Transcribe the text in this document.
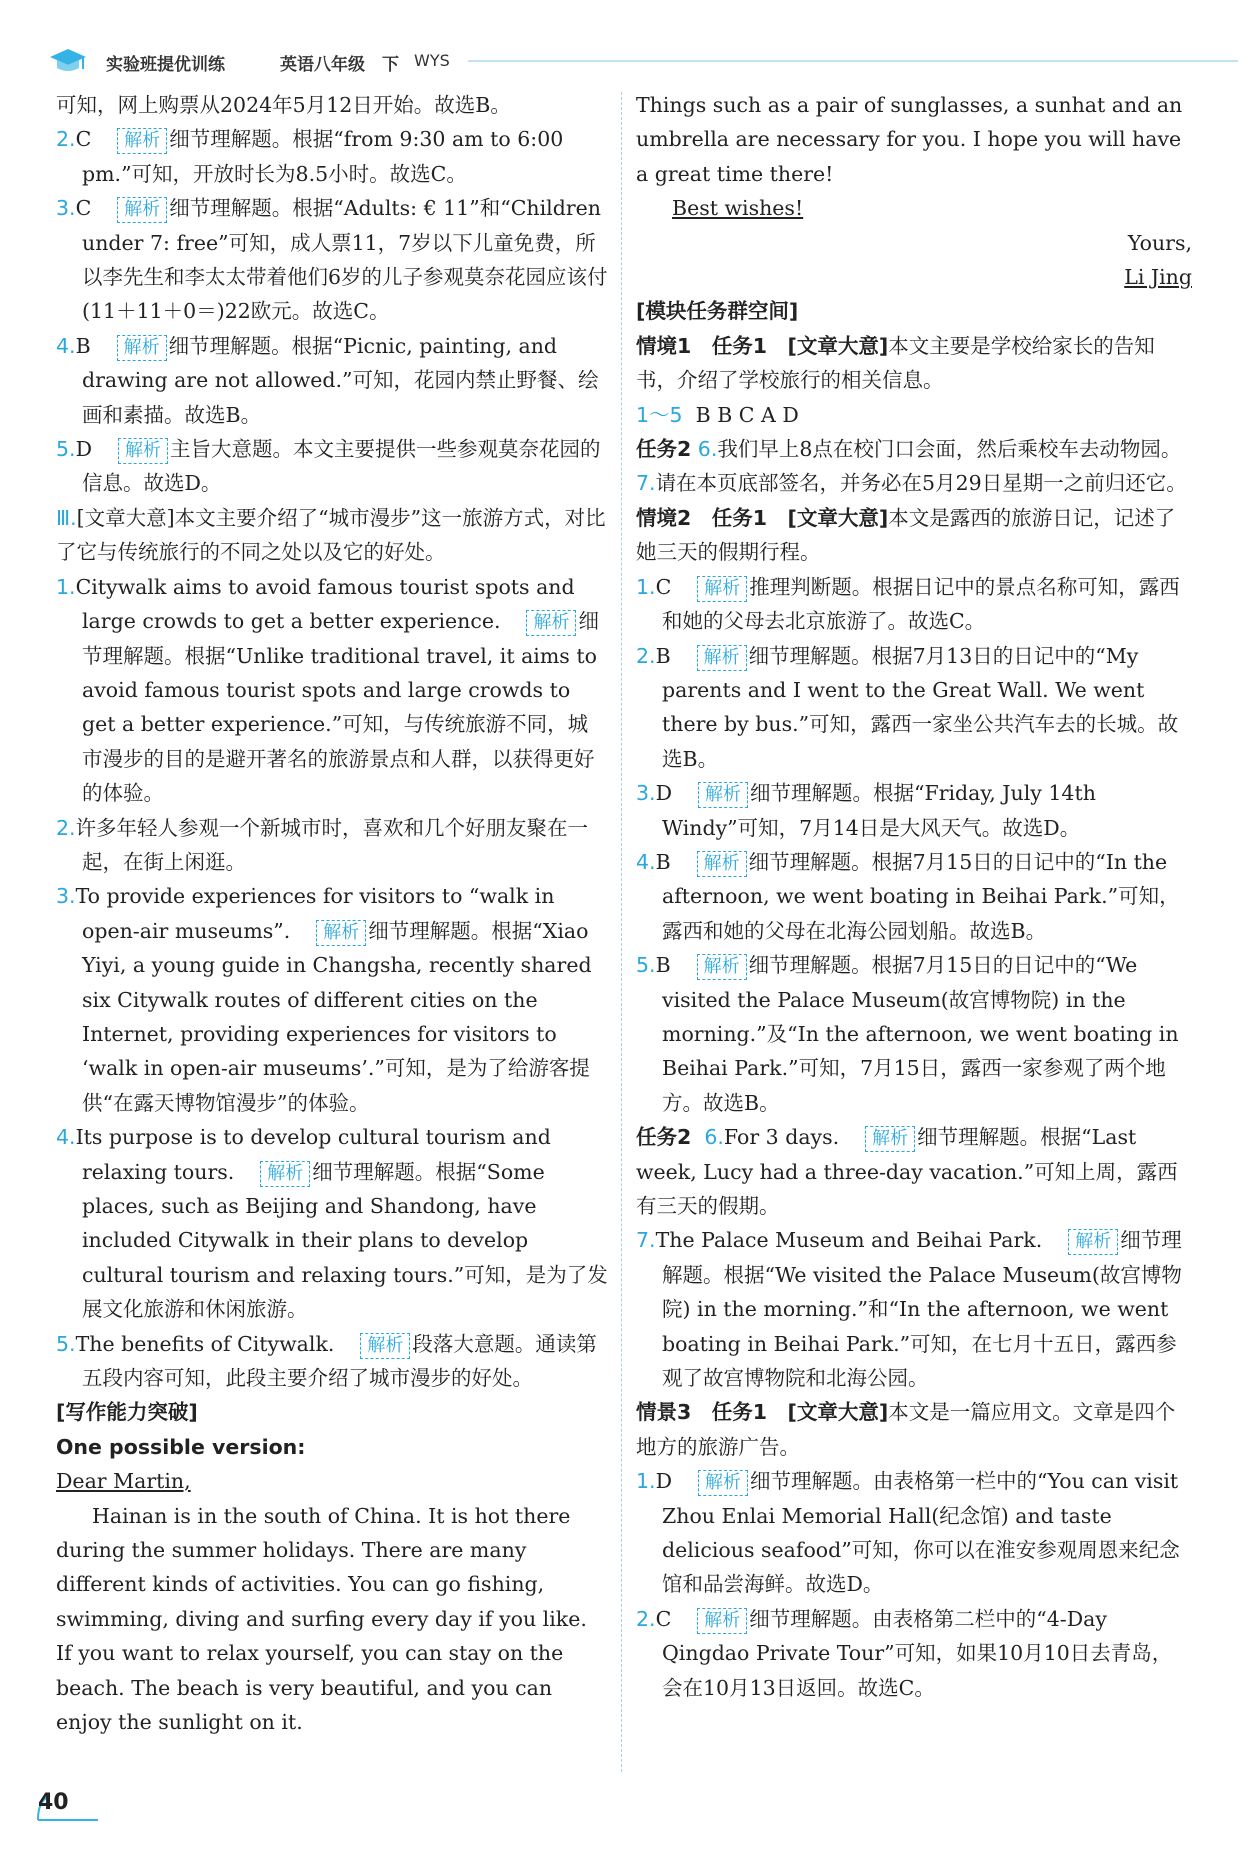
实验班提优训练	英语八年级 下 WYS

可知，网上购票从2024年5月12日开始。故选B。

2.C 解析 细节理解题。根据“from 9:30 am to 6:00 pm.”可知，开放时长为8.5小时。故选C。

3.C 解析 细节理解题。根据“Adults: € 11”和“Children under 7: free”可知，成人票11，7岁以下儿童免费，所以李先生和李太太带着他们6岁的儿子参观莫奈花园应该付(11＋11＋0＝)22欧元。故选C。

4.B 解析 细节理解题。根据“Picnic, painting, and drawing are not allowed.”可知，花园内禁止野餐、绘画和素描。故选B。

5.D 解析 主旨大意题。本文主要提供一些参观莫奈花园的信息。故选D。

Ⅲ.[文章大意]本文主要介绍了“城市漫步”这一旅游方式，对比了它与传统旅行的不同之处以及它的好处。

1.Citywalk aims to avoid famous tourist spots and large crowds to get a better experience. 解析 细节理解题。根据“Unlike traditional travel, it aims to avoid famous tourist spots and large crowds to get a better experience.”可知，与传统旅游不同，城市漫步的目的是避开著名的旅游景点和人群，以获得更好的体验。

2.许多年轻人参观一个新城市时，喜欢和几个好朋友聚在一起，在街上闲逛。

3.To provide experiences for visitors to “walk in open-air museums”. 解析 细节理解题。根据“Xiao Yiyi, a young guide in Changsha, recently shared six Citywalk routes of different cities on the Internet, providing experiences for visitors to ‘walk in open-air museums’.”可知，是为了给游客提供“在露天博物馆漫步”的体验。

4.Its purpose is to develop cultural tourism and relaxing tours. 解析 细节理解题。根据“Some places, such as Beijing and Shandong, have included Citywalk in their plans to develop cultural tourism and relaxing tours.”可知，是为了发展文化旅游和休闲旅游。

5.The benefits of Citywalk. 解析 段落大意题。通读第五段内容可知，此段主要介绍了城市漫步的好处。

[写作能力突破]

One possible version:

Dear Martin,

Hainan is in the south of China. It is hot there during the summer holidays. There are many different kinds of activities. You can go fishing, swimming, diving and surfing every day if you like. If you want to relax yourself, you can stay on the beach. The beach is very beautiful, and you can enjoy the sunlight on it.

Things such as a pair of sunglasses, a sunhat and an umbrella are necessary for you. I hope you will have a great time there!

Best wishes!

Yours,

Li Jing

[模块任务群空间]

情境1　任务1　[文章大意]本文主要是学校给家长的告知书，介绍了学校旅行的相关信息。

1～5 B B C A D

任务2 6.我们早上8点在校门口会面，然后乘校车去动物园。

7.请在本页底部签名，并务必在5月29日星期一之前归还它。

情境2　任务1　[文章大意]本文是露西的旅游日记，记述了她三天的假期行程。

1.C 解析 推理判断题。根据日记中的景点名称可知，露西和她的父母去北京旅游了。故选C。

2.B 解析 细节理解题。根据7月13日的日记中的“My parents and I went to the Great Wall. We went there by bus.”可知，露西一家坐公共汽车去的长城。故选B。

3.D 解析 细节理解题。根据“Friday, July 14th Windy”可知，7月14日是大风天气。故选D。

4.B 解析 细节理解题。根据7月15日的日记中的“In the afternoon, we went boating in Beihai Park.”可知，露西和她的父母在北海公园划船。故选B。

5.B 解析 细节理解题。根据7月15日的日记中的“We visited the Palace Museum(故宫博物院) in the morning.”及“In the afternoon, we went boating in Beihai Park.”可知，7月15日，露西一家参观了两个地方。故选B。

任务2 6.For 3 days. 解析 细节理解题。根据“Last week, Lucy had a three-day vacation.”可知上周，露西有三天的假期。

7.The Palace Museum and Beihai Park. 解析 细节理解题。根据“We visited the Palace Museum(故宫博物院) in the morning.”和“In the afternoon, we went boating in Beihai Park.”可知，在七月十五日，露西参观了故宫博物院和北海公园。

情景3　任务1　[文章大意]本文是一篇应用文。文章是四个地方的旅游广告。

1.D 解析 细节理解题。由表格第一栏中的“You can visit Zhou Enlai Memorial Hall(纪念馆) and taste delicious seafood”可知，你可以在淮安参观周恩来纪念馆和品尝海鲜。故选D。

2.C 解析 细节理解题。由表格第二栏中的“4-Day Qingdao Private Tour”可知，如果10月10日去青岛，会在10月13日返回。故选C。

40
